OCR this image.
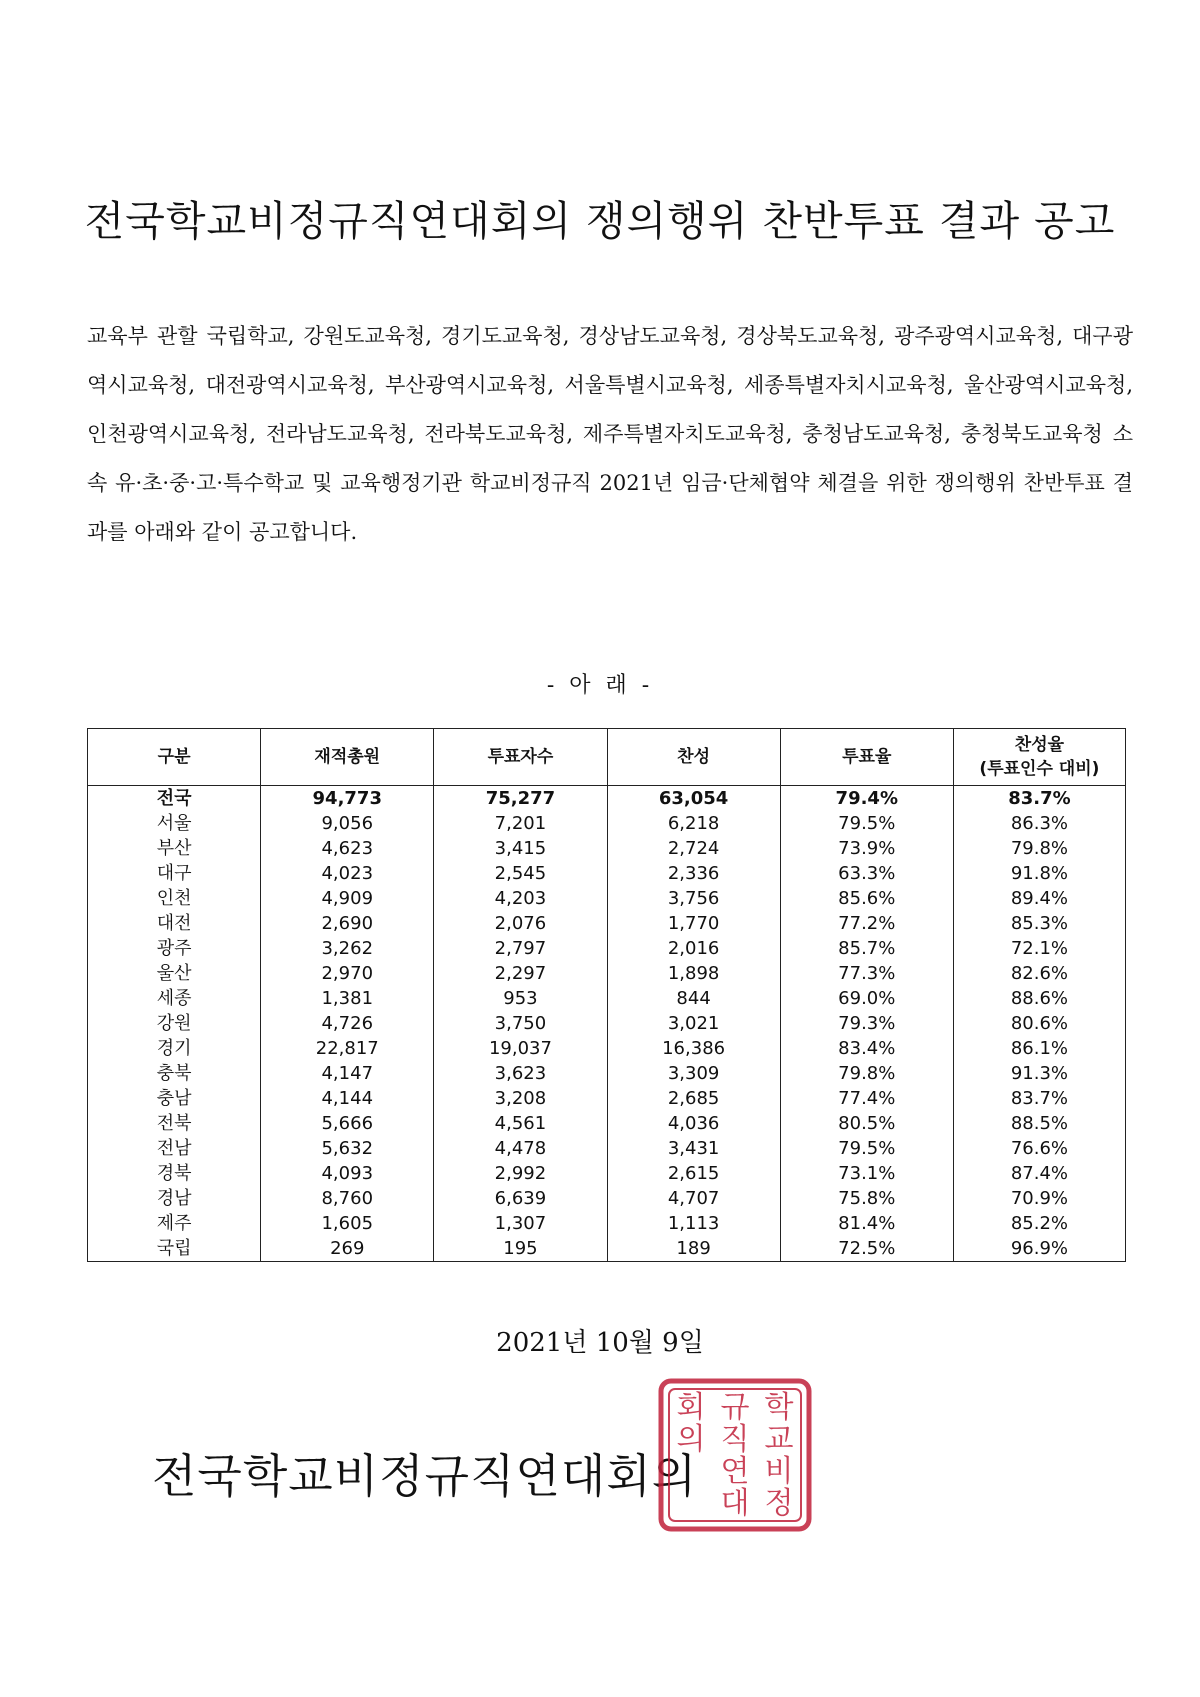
전국학교비정규직연대회의 쟁의행위 찬반투표 결과 공고
교육부 관할 국립학교, 강원도교육청, 경기도교육청, 경상남도교육청, 경상북도교육청, 광주광역시교육청, 대구광역시교육청, 대전광역시교육청, 부산광역시교육청, 서울특별시교육청, 세종특별자치시교육청, 울산광역시교육청, 인천광역시교육청, 전라남도교육청, 전라북도교육청, 제주특별자치도교육청, 충청남도교육청, 충청북도교육청 소속 유·초·중·고·특수학교 및 교육행정기관 학교비정규직 2021년 임금·단체협약 체결을 위한 쟁의행위 찬반투표 결과를 아래와 같이 공고합니다.
- 아 래 -
구분	재적총원	투표자수	찬성	투표율	찬성율
(투표인수 대비)

전국	94,773	75,277	63,054	79.4%	83.7%
서울	9,056	7,201	6,218	79.5%	86.3%
부산	4,623	3,415	2,724	73.9%	79.8%
대구	4,023	2,545	2,336	63.3%	91.8%
인천	4,909	4,203	3,756	85.6%	89.4%
대전	2,690	2,076	1,770	77.2%	85.3%
광주	3,262	2,797	2,016	85.7%	72.1%
울산	2,970	2,297	1,898	77.3%	82.6%
세종	1,381	953	844	69.0%	88.6%
강원	4,726	3,750	3,021	79.3%	80.6%
경기	22,817	19,037	16,386	83.4%	86.1%
충북	4,147	3,623	3,309	79.8%	91.3%
충남	4,144	3,208	2,685	77.4%	83.7%
전북	5,666	4,561	4,036	80.5%	88.5%
전남	5,632	4,478	3,431	79.5%	76.6%
경북	4,093	2,992	2,615	73.1%	87.4%
경남	8,760	6,639	4,707	75.8%	70.9%
제주	1,605	1,307	1,113	81.4%	85.2%
국립	269	195	189	72.5%	96.9%
2021년 10월 9일
전국학교비정규직연대회의
학
교
비
정
규
직
연
대
회
의
